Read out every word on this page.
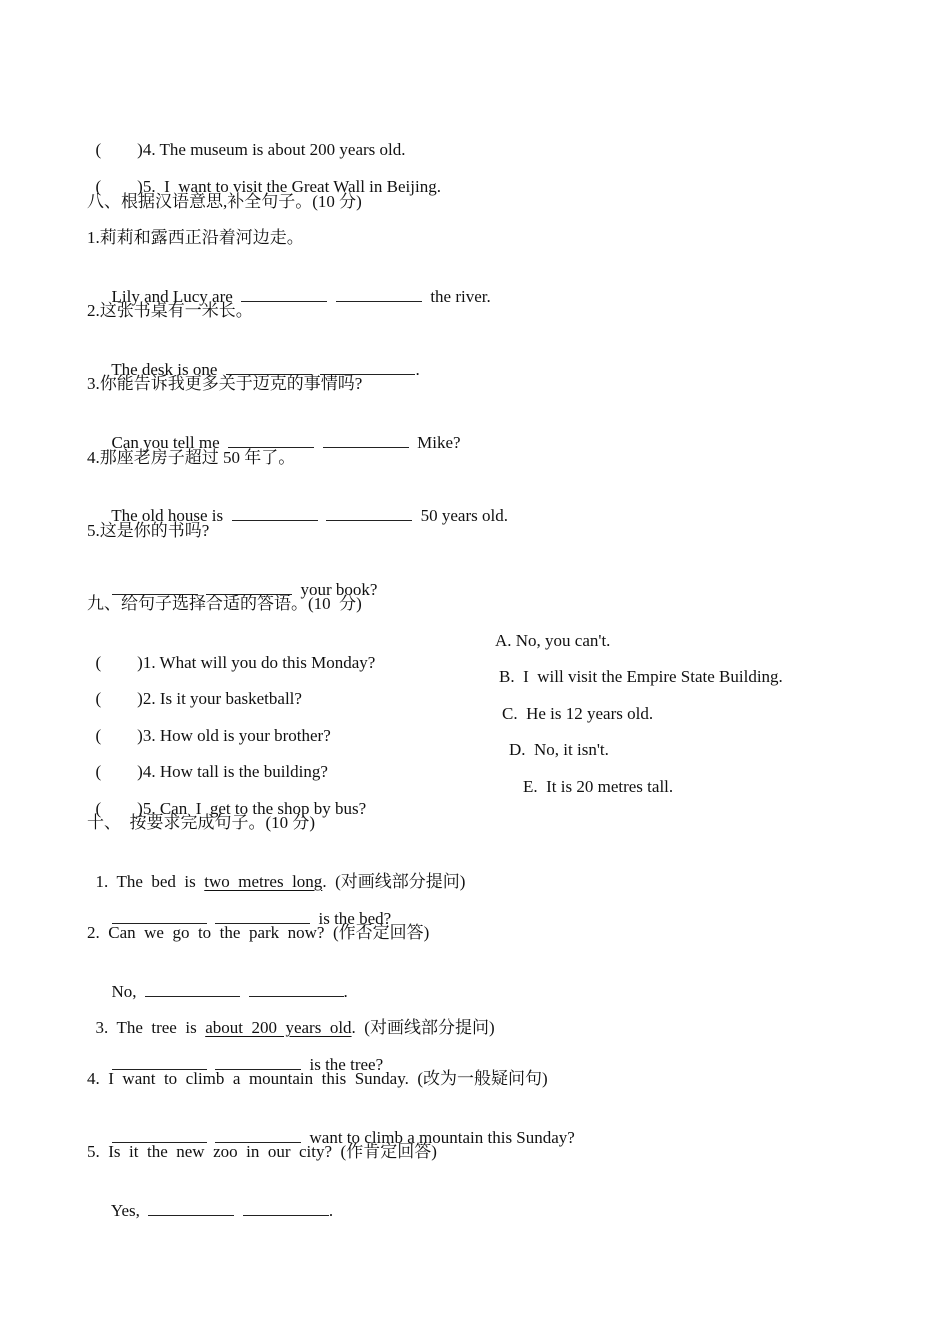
( )4. The museum is about 200 years old.

( )5.  I  want to visit the Great Wall in Beijing.

八、根据汉语意思,补全句子。(10 分)
1.莉莉和露西正沿着河边走。

Lily and Lucy are	the river.

2.这张书桌有一米长。

The desk is one	.

3.你能告诉我更多关于迈克的事情吗?

Can you tell me	Mike?

4.那座老房子超过 50 年了。

The old house is	50 years old.

5.这是你的书吗?

your book?

九、给句子选择合适的答语。(10  分)

( )1. What will you do this Monday?

A. No, you can't.

( )2. Is it your basketball?

B.  I  will visit the Empire State Building.

( )3. How old is your brother?

C.  He is 12 years old.

( )4. How tall is the building?

D.  No, it isn't.

( )5. Can  I  get to the shop by bus?

E.  It is 20 metres tall.
十、  按要求完成句子。(10 分)

1.  The  bed  is  two  metres  long.  (对画线部分提问)

is the bed?

2.  Can  we  go  to  the  park  now?  (作否定回答)

No,	.

3.  The  tree  is  about  200  years  old.  (对画线部分提问)

is the tree?

4.  I  want  to  climb  a  mountain  this  Sunday.  (改为一般疑问句)

want to climb a mountain this Sunday?

5.  Is  it  the  new  zoo  in  our  city?  (作肯定回答)

Yes,	.
